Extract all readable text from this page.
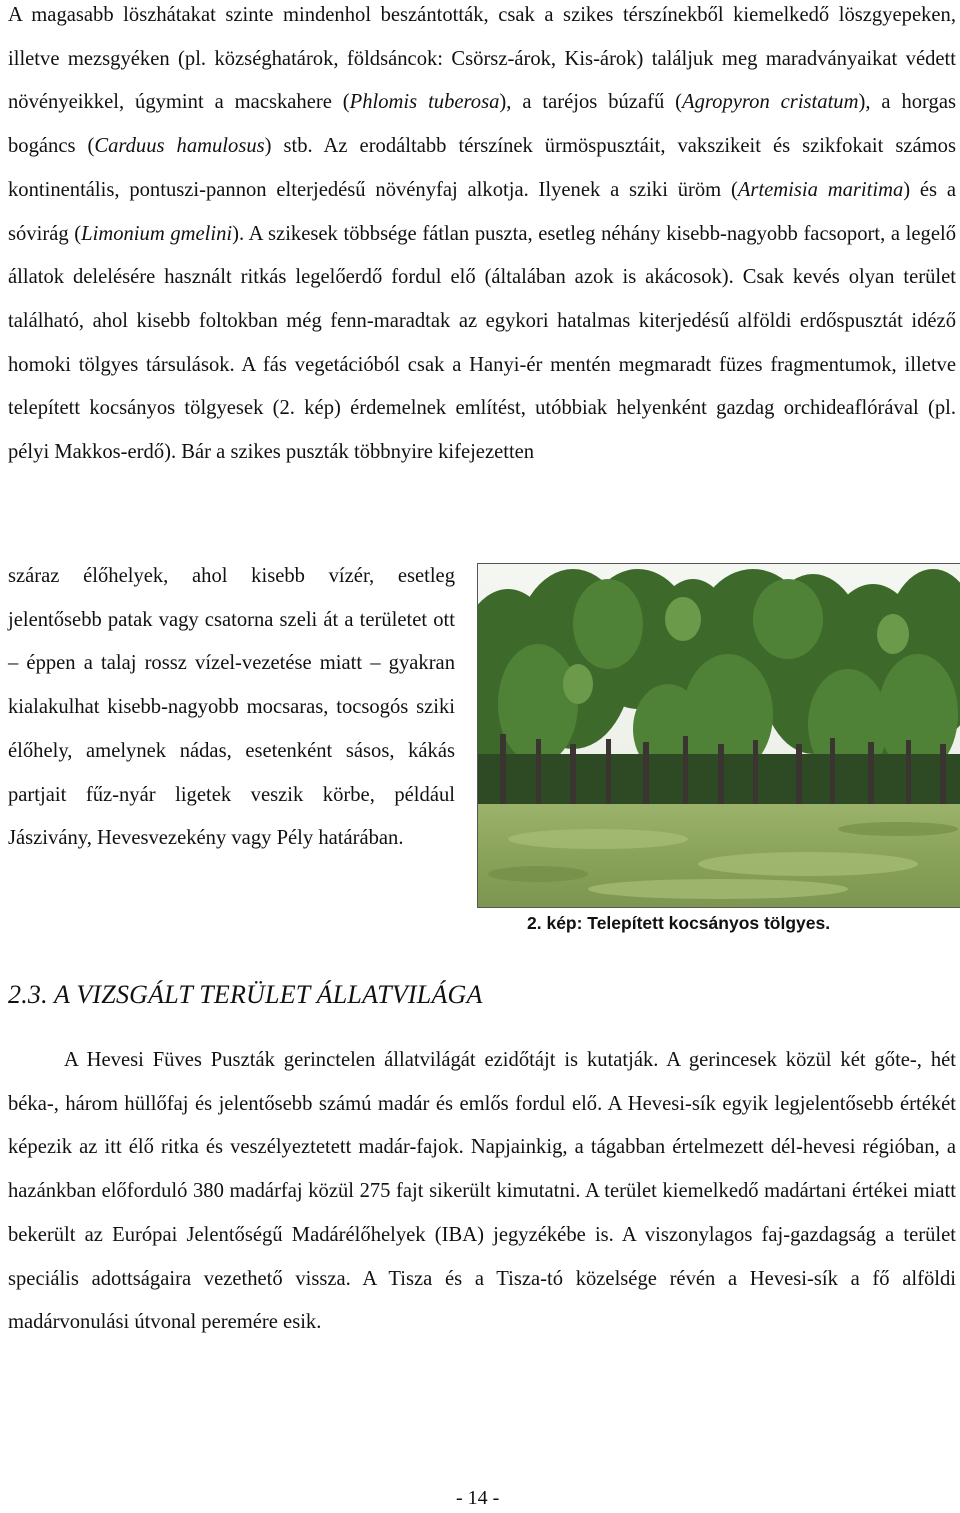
A magasabb löszhátakat szinte mindenhol beszántották, csak a szikes térszínekből kiemelkedő löszgyepeken, illetve mezsgyéken (pl. községhatárok, földsáncok: Csörsz-árok, Kis-árok) találjuk meg maradványaikat védett növényeikkel, úgymint a macskahere (Phlomis tuberosa), a taréjos búzafű (Agropyron cristatum), a horgas bogáncs (Carduus hamulosus) stb. Az erodáltabb térszínek ürmöspusztáit, vakszikeit és szikfokait számos kontinentális, pontuszi-pannon elterjedésű növényfaj alkotja. Ilyenek a sziki üröm (Artemisia maritima) és a sóvirág (Limonium gmelini). A szikesek többsége fátlan puszta, esetleg néhány kisebb-nagyobb facsoport, a legelő állatok delelésére használt ritkás legelőerdő fordul elő (általában azok is akácosok). Csak kevés olyan terület található, ahol kisebb foltokban még fenn-maradtak az egykori hatalmas kiterjedésű alföldi erdőspusztát idéző homoki tölgyes társulások. A fás vegetációból csak a Hanyi-ér mentén megmaradt füzes fragmentumok, illetve telepített kocsányos tölgyesek (2. kép) érdemelnek említést, utóbbiak helyenként gazdag orchideaflórával (pl. pélyi Makkos-erdő). Bár a szikes puszták többnyire kifejezetten

száraz élőhelyek, ahol kisebb vízér, esetleg jelentősebb patak vagy csatorna szeli át a területet ott – éppen a talaj rossz vízel-vezetése miatt – gyakran kialakulhat kisebb-nagyobb mocsaras, tocsogós sziki élőhely, amelynek nádas, esetenként sásos, kákás partjait fűz-nyár ligetek veszik körbe, például Jászivány, Hevesvezekény vagy Pély határában.

2. kép: Telepített kocsányos tölgyes.
2.3. A VIZSGÁLT TERÜLET ÁLLATVILÁGA

A Hevesi Füves Puszták gerinctelen állatvilágát ezidőtájt is kutatják. A gerincesek közül két gőte-, hét béka-, három hüllőfaj és jelentősebb számú madár és emlős fordul elő. A Hevesi-sík egyik legjelentősebb értékét képezik az itt élő ritka és veszélyeztetett madár-fajok. Napjainkig, a tágabban értelmezett dél-hevesi régióban, a hazánkban előforduló 380 madárfaj közül 275 fajt sikerült kimutatni. A terület kiemelkedő madártani értékei miatt bekerült az Európai Jelentőségű Madárélőhelyek (IBA) jegyzékébe is. A viszonylagos faj-gazdagság a terület speciális adottságaira vezethető vissza. A Tisza és a Tisza-tó közelsége révén a Hevesi-sík a fő alföldi madárvonulási útvonal peremére esik.

- 14 -
